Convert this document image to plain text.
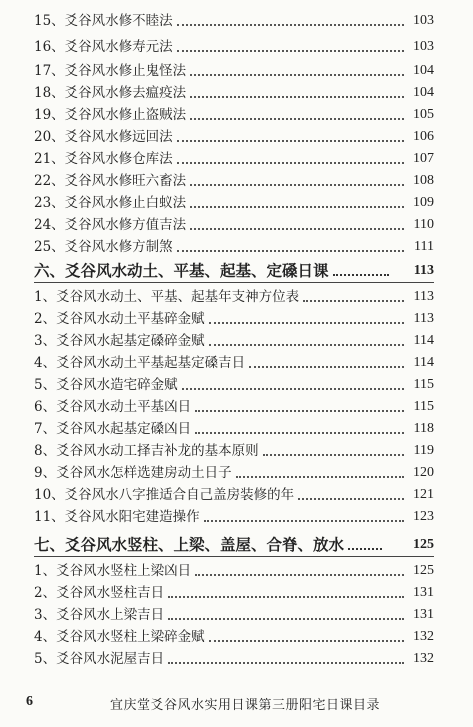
15、爻谷风水修不睦法	103
16、爻谷风水修寿元法	103
17、爻谷风水修止鬼怪法	104
18、爻谷风水修去瘟疫法	104
19、爻谷风水修止盗贼法	105
20、爻谷风水修远回法	106
21、爻谷风水修仓库法	107
22、爻谷风水修旺六畜法	108
23、爻谷风水修止白蚁法	109
24、爻谷风水修方值吉法	110
25、爻谷风水修方制煞	111
六、爻谷风水动土、平基、起基、定磉日课	113
1、爻谷风水动土、平基、起基年支神方位表	113
2、爻谷风水动土平基碎金赋	113
3、爻谷风水起基定磉碎金赋	114
4、爻谷风水动土平基起基定磉吉日	114
5、爻谷风水造宅碎金赋	115
6、爻谷风水动土平基凶日	115
7、爻谷风水起基定磉凶日	118
8、爻谷风水动工择吉补龙的基本原则	119
9、爻谷风水怎样选建房动土日子	120
10、爻谷风水八字推适合自己盖房装修的年	121
11、爻谷风水阳宅建造操作	123
七、爻谷风水竖柱、上梁、盖屋、合脊、放水	125
1、爻谷风水竖柱上梁凶日	125
2、爻谷风水竖柱吉日	131
3、爻谷风水上梁吉日	131
4、爻谷风水竖柱上梁碎金赋	132
5、爻谷风水泥屋吉日	132
6	宜庆堂爻谷风水实用日课第三册阳宅日课目录
